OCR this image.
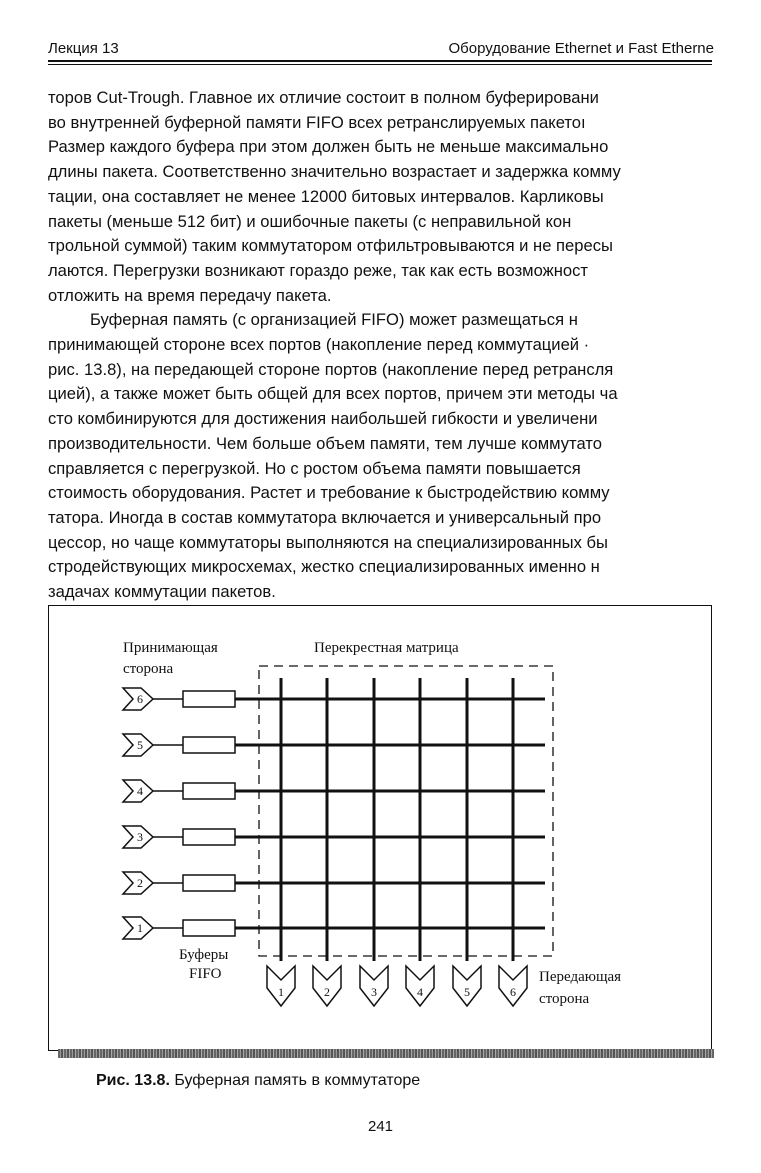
Лекция 13	Оборудование Ethernet и Fast Etherne

торов Cut-Trough. Главное их отличие состоит в полном буферировани

во внутренней буферной памяти FIFO всех ретранслируемых пакетоı

Размер каждого буфера при этом должен быть не меньше максимально

длины пакета. Соответственно значительно возрастает и задержка комму

тации, она составляет не менее 12000 битовых интервалов. Карликовы

пакеты (меньше 512 бит) и ошибочные пакеты (с неправильной кон

трольной суммой) таким коммутатором отфильтровываются и не пересы

лаются. Перегрузки возникают гораздо реже, так как есть возможност

отложить на время передачу пакета.

Буферная память (с организацией FIFO) может размещаться н

принимающей стороне всех портов (накопление перед коммутацией ·

рис. 13.8), на передающей стороне портов (накопление перед ретрансля

цией), а также может быть общей для всех портов, причем эти методы ча

сто комбинируются для достижения наибольшей гибкости и увеличени

производительности. Чем больше объем памяти, тем лучше коммутато

справляется с перегрузкой. Но с ростом объема памяти повышается

стоимость оборудования. Растет и требование к быстродействию комму

татора. Иногда в состав коммутатора включается и универсальный про

цессор, но чаще коммутаторы выполняются на специализированных бы

стродействующих микросхемах, жестко специализированных именно н

задачах коммутации пакетов.

Принимающая
сторона
Перекрестная матрица
Буферы
FIFO	Передающая
сторона
6
5
4
3
2
1
1	2	3	4	5	6
Рис. 13.8. Буферная память в коммутаторе
241
